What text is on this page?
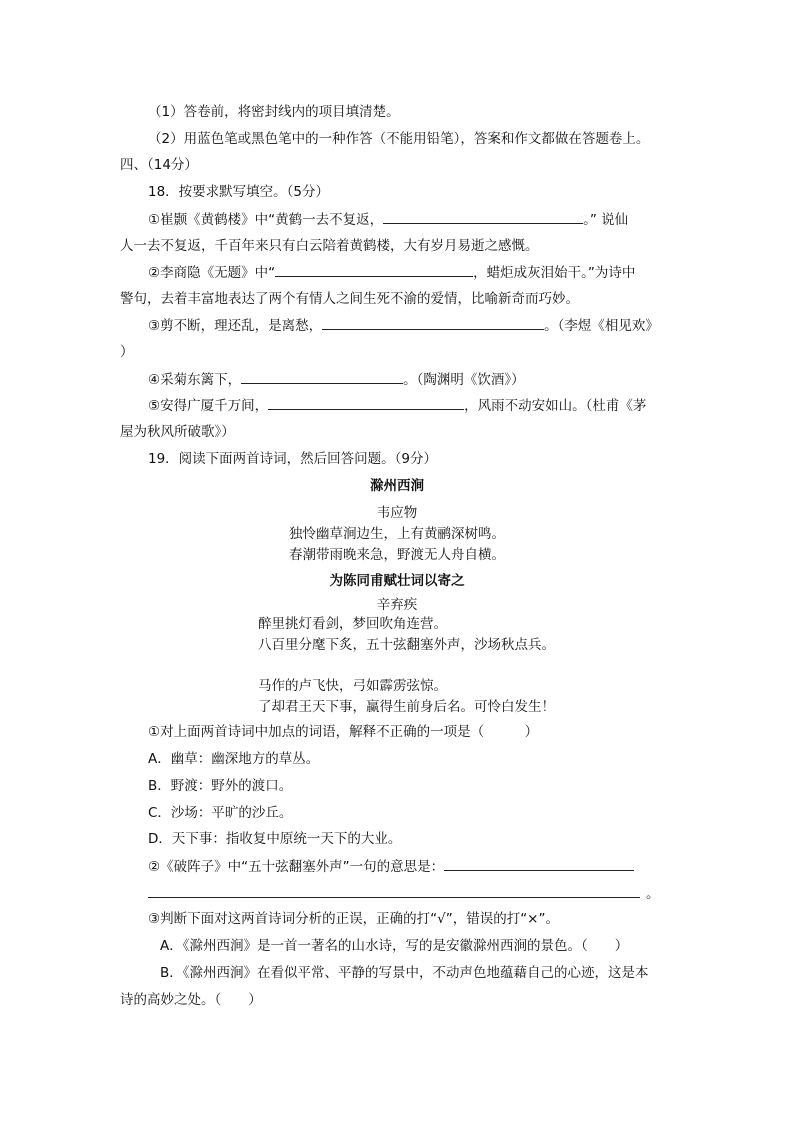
（1）答卷前，将密封线内的项目填清楚。
（2）用蓝色笔或黑色笔中的一种作答（不能用铅笔），答案和作文都做在答题卷上。
四、（14分）
18．按要求默写填空。（5分）
①崔颢《黄鹤楼》中“黄鹤一去不复返，	。” 说仙
人一去不复返，千百年来只有白云陪着黄鹤楼，大有岁月易逝之感慨。
②李商隐《无题》中“	，蜡炬成灰泪始干。”为诗中
警句，去着丰富地表达了两个有情人之间生死不渝的爱情，比喻新奇而巧妙。
③剪不断，理还乱，是离愁，	。（李煜《相见欢》
）
④采菊东篱下，	。（陶渊明《饮酒》）
⑤安得广厦千万间，	，风雨不动安如山。（杜甫《茅
屋为秋风所破歌》）
19．阅读下面两首诗词，然后回答问题。（9分）
滁州西涧
韦应物
独怜幽草涧边生，上有黄鹂深树鸣。
春潮带雨晚来急，野渡无人舟自横。
为陈同甫赋壮词以寄之
辛弃疾
醉里挑灯看剑，梦回吹角连营。
八百里分麾下炙，五十弦翻塞外声，沙场秋点兵。
马作的卢飞快，弓如霹雳弦惊。
了却君王天下事，赢得生前身后名。可怜白发生！
①对上面两首诗词中加点的词语，解释不正确的一项是（　　　）
A．幽草：幽深地方的草丛。
B．野渡：野外的渡口。
C．沙场：平旷的沙丘。
D．天下事：指收复中原统一天下的大业。
②《破阵子》中“五十弦翻塞外声”一句的意思是：
。
③判断下面对这两首诗词分析的正误，正确的打“√”，错误的打“×”。
A．《滁州西涧》是一首一著名的山水诗，写的是安徽滁州西涧的景色。（　　）
B．《滁州西涧》在看似平常、平静的写景中，不动声色地蕴藉自己的心迹，这是本
诗的高妙之处。（　　）
